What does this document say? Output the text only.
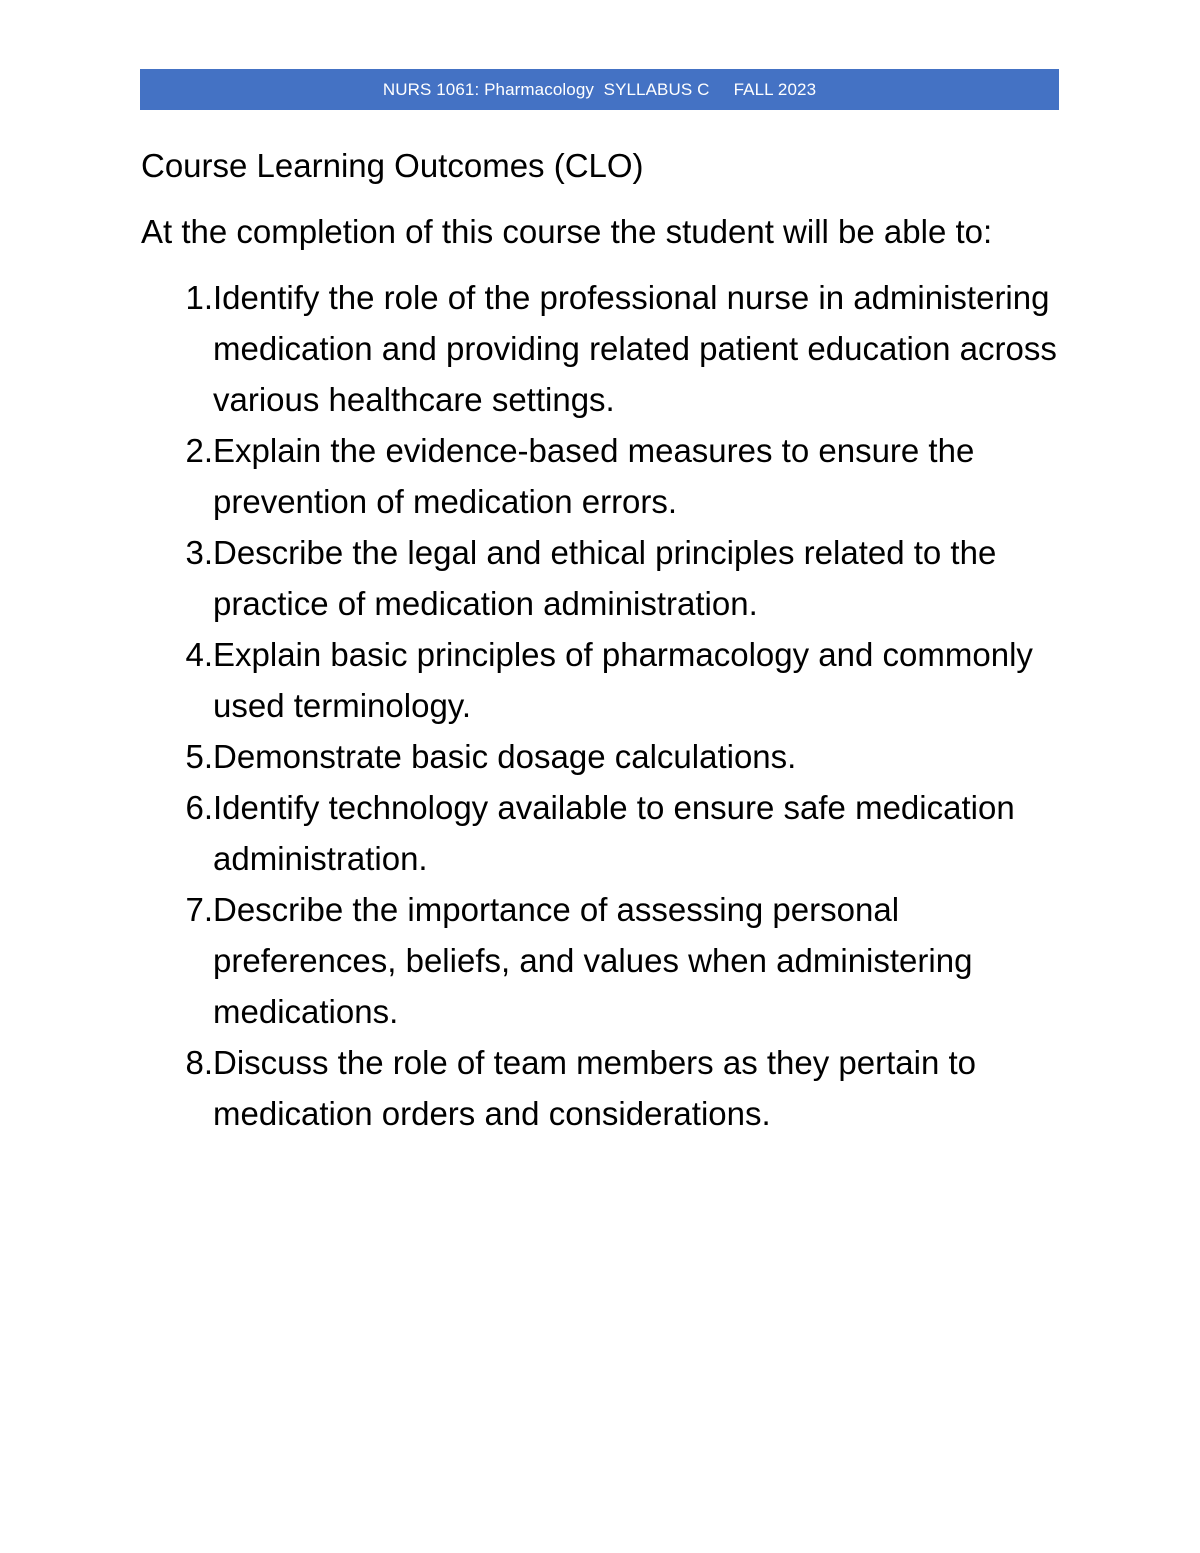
NURS 1061: Pharmacology  SYLLABUS C     FALL 2023
Course Learning Outcomes (CLO)

At the completion of this course the student will be able to:

1. Identify the role of the professional nurse in administering medication and providing related patient education across various healthcare settings.
2. Explain the evidence-based measures to ensure the prevention of medication errors.
3. Describe the legal and ethical principles related to the practice of medication administration.
4. Explain basic principles of pharmacology and commonly used terminology.
5. Demonstrate basic dosage calculations.
6. Identify technology available to ensure safe medication administration.
7. Describe the importance of assessing personal preferences, beliefs, and values when administering medications.
8. Discuss the role of team members as they pertain to medication orders and considerations.
